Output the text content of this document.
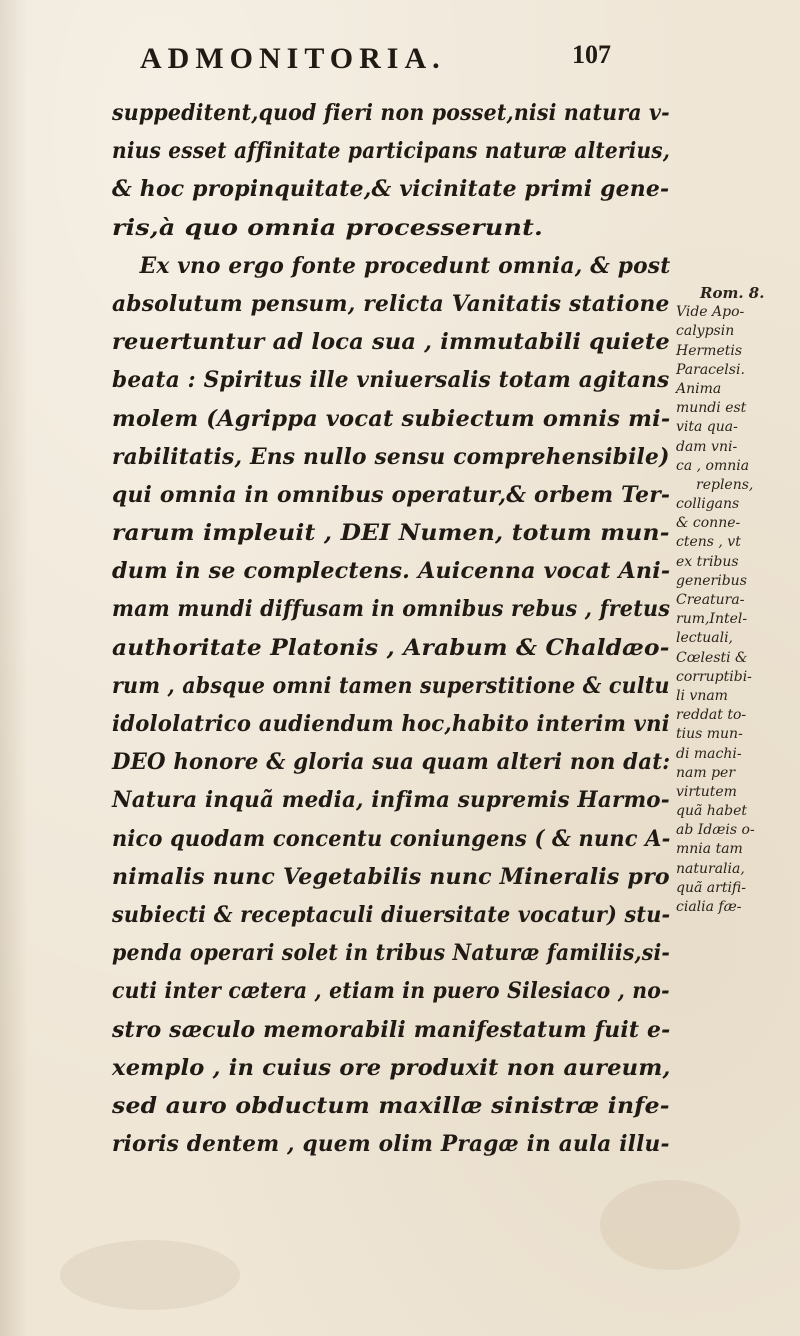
ADMONITORIA.	107
suppeditent,quod fieri non posset,nisi natura v-
nius esset affinitate participans naturæ alterius,
& hoc propinquitate,& vicinitate primi gene-
ris,à quo omnia processerunt.
Ex vno ergo fonte procedunt omnia, & post
absolutum pensum, relicta Vanitatis statione
reuertuntur ad loca sua , immutabili quiete
beata : Spiritus ille vniuersalis totam agitans
molem (Agrippa vocat subiectum omnis mi-
rabilitatis, Ens nullo sensu comprehensibile)
qui omnia in omnibus operatur,& orbem Ter-
rarum impleuit , DEI Numen, totum mun-
dum in se complectens. Auicenna vocat Ani-
mam mundi diffusam in omnibus rebus , fretus
authoritate Platonis , Arabum & Chaldæo-
rum , absque omni tamen superstitione & cultu
idololatrico audiendum hoc,habito interim vni
DEO honore & gloria sua quam alteri non dat:
Natura inquã media, infima supremis Harmo-
nico quodam concentu coniungens ( & nunc A-
nimalis nunc Vegetabilis nunc Mineralis pro
subiecti & receptaculi diuersitate vocatur) stu-
penda operari solet in tribus Naturæ familiis,si-
cuti inter cætera , etiam in puero Silesiaco , no-
stro sæculo memorabili manifestatum fuit e-
xemplo , in cuius ore produxit non aureum,
sed auro obductum maxillæ sinistræ infe-
rioris dentem , quem olim Pragæ in aula illu-
Rom. 8.
Vide Apo-
calypsin
Hermetis
Paracelsi.
Anima
mundi est
vita qua-
dam vni-
ca , omnia
replens,
colligans
& conne-
ctens , vt
ex tribus
generibus
Creatura-
rum,Intel-
lectuali,
Cœlesti &
corruptibi-
li vnam
reddat to-
tius mun-
di machi-
nam per
virtutem
quã habet
ab Idæis o-
mnia tam
naturalia,
quã artifi-
cialia fæ-
